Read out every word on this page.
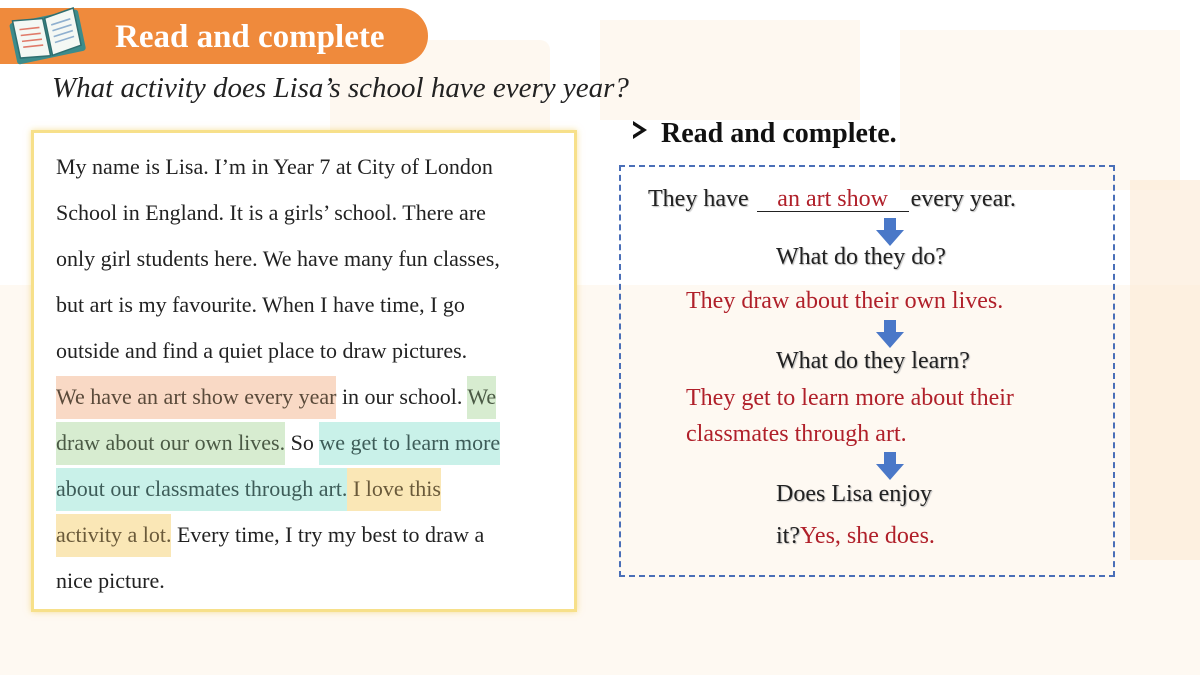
Read and complete
What activity does Lisa’s school have every year?
My name is Lisa. I’m in Year 7 at City of London
School in England. It is a girls’ school. There are
only girl students here. We have many fun classes,
but art is my favourite. When I have time, I go
outside and find a quiet place to draw pictures.
We have an art show every year in our school. We
draw about our own lives. So we get to learn more
about our classmates through art. I love this
activity a lot. Every time, I try my best to draw a
nice picture.
Read and complete.
They have an art show every year.
What do they do?
They draw about their own lives.
What do they learn?
They get to learn more about their
classmates through art.
Does Lisa enjoy
it?Yes, she does.
